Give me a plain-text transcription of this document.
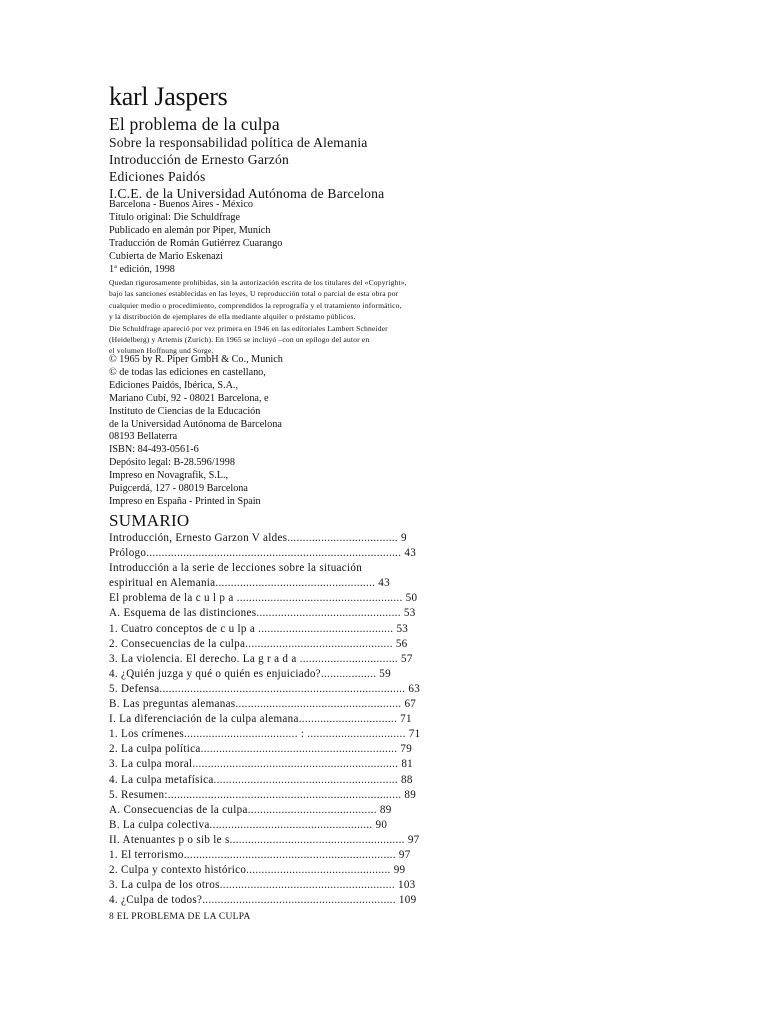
karl Jaspers
El problema de la culpa
Sobre la responsabilidad política de Alemania
Introducción de Ernesto Garzón
Ediciones Paidós
I.C.E. de la Universidad Autónoma de Barcelona
Barcelona - Buenos Aires - México
Título original: Die Schuldfrage
Publicado en alemán por Piper, Munich
Traducción de Román Gutiérrez Cuarango
Cubierta de Mario Eskenazi
1ª edición, 1998
Quedan rigurosamente prohibidas, sin la autorización escrita de los titulares del «Copyright»,
bajo las sanciones establecidas en las leyes, U reproducción total o parcial de esta obra por
cualquier medio o procedimiento, comprendidos la reprografía y el tratamiento informático,
y la distribución de ejemplares de ella mediante alquiler o préstamo públicos.
Die Schuldfrage apareció por vez primera en 1946 en las editoriales Lambert Schneider
(Heidelberg) y Artemis (Zurich). En 1965 se incluyó –con un epílogo del autor en
el volumen Hoffnung und Sorge.
© 1965 by R. Piper GmbH & Co., Munich
© de todas las ediciones en castellano,
Ediciones Paidós, Ibérica, S.A.,
Mariano Cubí, 92 - 08021 Barcelona, e
Instituto de Ciencias de la Educación
de la Universidad Autónoma de Barcelona
08193 Bellaterra
ISBN: 84-493-0561-6
Depósito legal: B-28.596/1998
Impreso en Novagrafik, S.L.,
Puigcerdá, 127 - 08019 Barcelona
Impreso en España - Printed in Spain
SUMARIO
Introducción, Ernesto Garzon V aldes.................................... 9
Prólogo................................................................................... 43
Introducción a la serie de lecciones sobre la situación
espiritual en Alemania.................................................... 43
El problema de la c u l p a ...................................................... 50
A. Esquema de las distinciones............................................... 53
1. Cuatro conceptos de c u lp a ............................................ 53
2. Consecuencias de la culpa................................................ 56
3. La violencia. El derecho. La g r a d a ................................ 57
4. ¿Quién juzga y qué o quién es enjuiciado?.................. 59
5. Defensa................................................................................ 63
B. Las preguntas alemanas...................................................... 67
I. La diferenciación de la culpa alemana................................ 71
1. Los crímenes..................................... : ................................ 71
2. La culpa política................................................................ 79
3. La culpa moral................................................................... 81
4. La culpa metafísica............................................................ 88
5. Resumen:............................................................................ 89
A. Consecuencias de la culpa.......................................... 89
B. La culpa colectiva..................................................... 90
II. Atenuantes p o sib le s......................................................... 97
1. El terrorismo..................................................................... 97
2. Culpa y contexto histórico............................................... 99
3. La culpa de los otros......................................................... 103
4. ¿Culpa de todos?............................................................... 109
8 EL PROBLEMA DE LA CULPA
